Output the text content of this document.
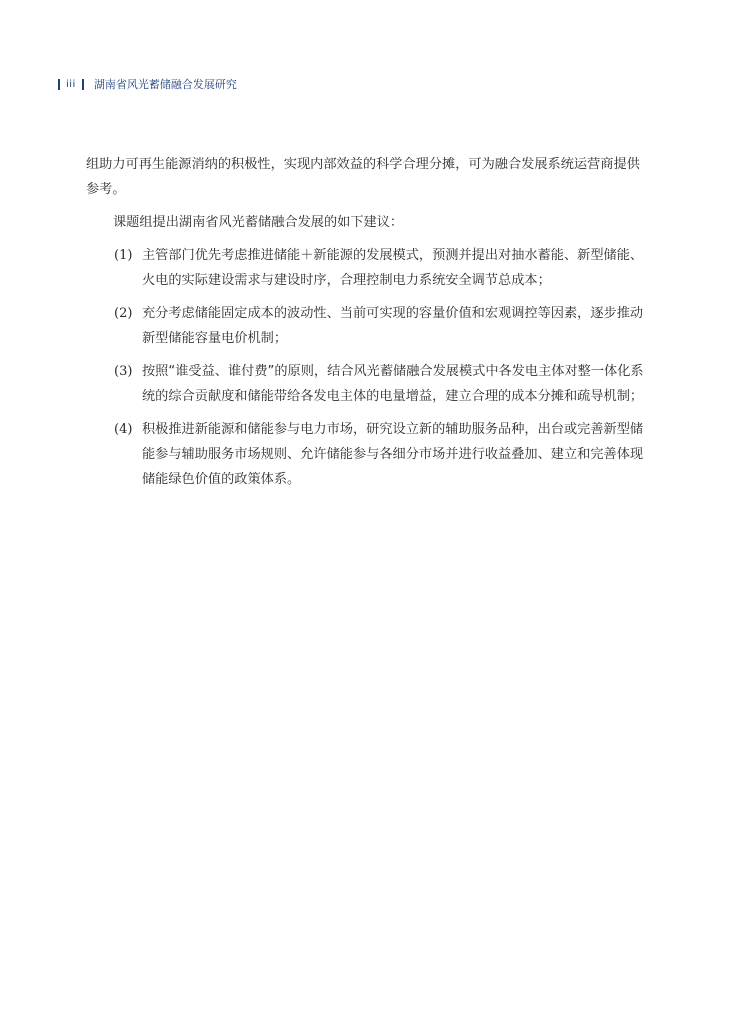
iii 湖南省风光蓄储融合发展研究

组助力可再生能源消纳的积极性，实现内部效益的科学合理分摊，可为融合发展系统运营商提供参考。

课题组提出湖南省风光蓄储融合发展的如下建议：

(1) 主管部门优先考虑推进储能＋新能源的发展模式，预测并提出对抽水蓄能、新型储能、火电的实际建设需求与建设时序，合理控制电力系统安全调节总成本；
(2) 充分考虑储能固定成本的波动性、当前可实现的容量价值和宏观调控等因素，逐步推动新型储能容量电价机制；
(3) 按照“谁受益、谁付费”的原则，结合风光蓄储融合发展模式中各发电主体对整一体化系统的综合贡献度和储能带给各发电主体的电量增益，建立合理的成本分摊和疏导机制；
(4) 积极推进新能源和储能参与电力市场，研究设立新的辅助服务品种，出台或完善新型储能参与辅助服务市场规则、允许储能参与各细分市场并进行收益叠加、建立和完善体现储能绿色价值的政策体系。
